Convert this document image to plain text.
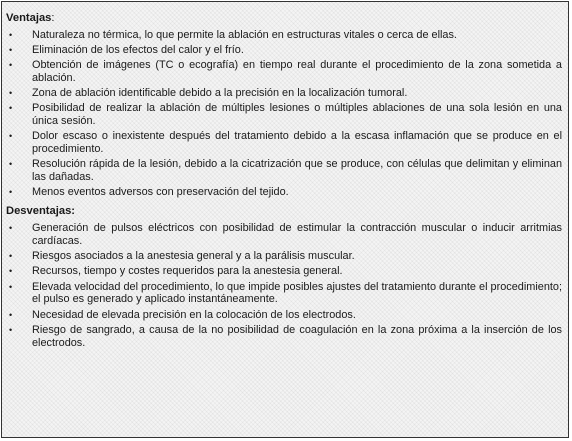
Ventajas:
• Naturaleza no térmica, lo que permite la ablación en estructuras vitales o cerca de ellas.
• Eliminación de los efectos del calor y el frío.
• Obtención de imágenes (TC o ecografía) en tiempo real durante el procedimiento de la zona sometida a ablación.
• Zona de ablación identificable debido a la precisión en la localización tumoral.
• Posibilidad de realizar la ablación de múltiples lesiones o múltiples ablaciones de una sola lesión en una única sesión.
• Dolor escaso o inexistente después del tratamiento debido a la escasa inflamación que se produce en el procedimiento.
• Resolución rápida de la lesión, debido a la cicatrización que se produce, con células que delimitan y eliminan las dañadas.
• Menos eventos adversos con preservación del tejido.
Desventajas:
• Generación de pulsos eléctricos con posibilidad de estimular la contracción muscular o inducir arritmias cardíacas.
• Riesgos asociados a la anestesia general y a la parálisis muscular.
• Recursos, tiempo y costes requeridos para la anestesia general.
• Elevada velocidad del procedimiento, lo que impide posibles ajustes del tratamiento durante el procedimiento; el pulso es generado y aplicado instantáneamente.
• Necesidad de elevada precisión en la colocación de los electrodos.
• Riesgo de sangrado, a causa de la no posibilidad de coagulación en la zona próxima a la inserción de los electrodos.
